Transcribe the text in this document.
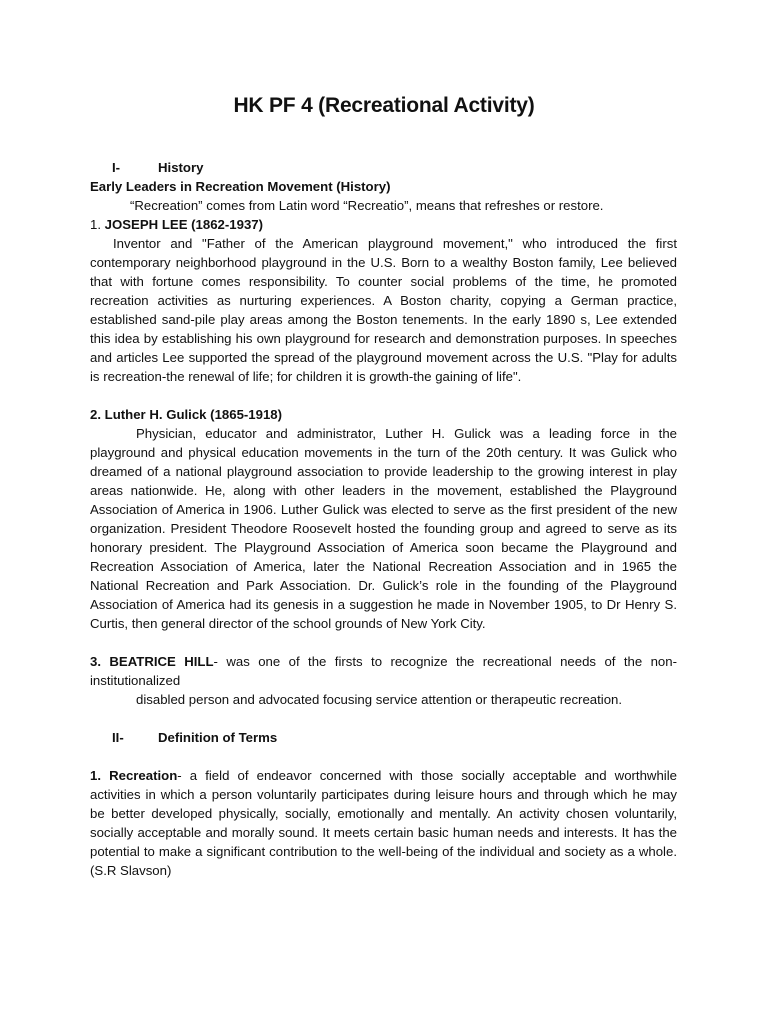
HK PF 4 (Recreational Activity)
I-	History

Early Leaders in Recreation Movement (History)

“Recreation” comes from Latin word “Recreatio”, means that refreshes or restore.

1. JOSEPH LEE (1862-1937)

Inventor and "Father of the American playground movement," who introduced the first contemporary neighborhood playground in the U.S. Born to a wealthy Boston family, Lee believed that with fortune comes responsibility. To counter social problems of the time, he promoted recreation activities as nurturing experiences. A Boston charity, copying a German practice, established sand-pile play areas among the Boston tenements. In the early 1890 s, Lee extended this idea by establishing his own playground for research and demonstration purposes. In speeches and articles Lee supported the spread of the playground movement across the U.S. "Play for adults is recreation-the renewal of life; for children it is growth-the gaining of life".

2. Luther H. Gulick (1865-1918)

Physician, educator and administrator, Luther H. Gulick was a leading force in the playground and physical education movements in the turn of the 20th century. It was Gulick who dreamed of a national playground association to provide leadership to the growing interest in play areas nationwide. He, along with other leaders in the movement, established the Playground Association of America in 1906. Luther Gulick was elected to serve as the first president of the new organization. President Theodore Roosevelt hosted the founding group and agreed to serve as its honorary president. The Playground Association of America soon became the Playground and Recreation Association of America, later the National Recreation Association and in 1965 the National Recreation and Park Association. Dr. Gulick’s role in the founding of the Playground Association of America had its genesis in a suggestion he made in November 1905, to Dr Henry S. Curtis, then general director of the school grounds of New York City.

3. BEATRICE HILL- was one of the firsts to recognize the recreational needs of the non-institutionalized

disabled person and advocated focusing service attention or therapeutic recreation.

II-	Definition of Terms

1. Recreation- a field of endeavor concerned with those socially acceptable and worthwhile activities in which a person voluntarily participates during leisure hours and through which he may be better developed physically, socially, emotionally and mentally. An activity chosen voluntarily, socially acceptable and morally sound. It meets certain basic human needs and interests. It has the potential to make a significant contribution to the well-being of the individual and society as a whole. (S.R Slavson)
